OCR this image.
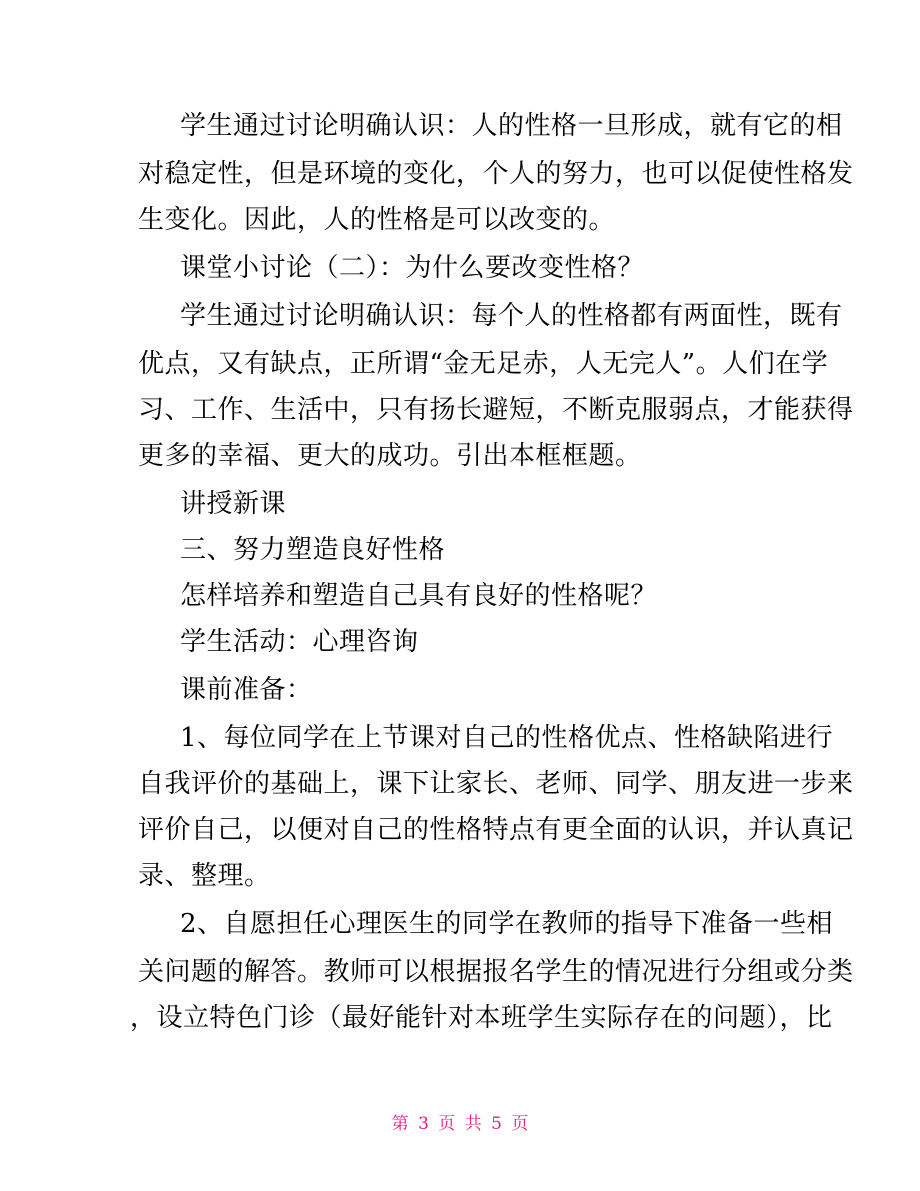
学生通过讨论明确认识：人的性格一旦形成，就有它的相
对稳定性，但是环境的变化，个人的努力，也可以促使性格发
生变化。因此，人的性格是可以改变的。
课堂小讨论（二）：为什么要改变性格？
学生通过讨论明确认识：每个人的性格都有两面性，既有
优点，又有缺点，正所谓“金无足赤，人无完人”。人们在学
习、工作、生活中，只有扬长避短，不断克服弱点，才能获得
更多的幸福、更大的成功。引出本框框题。
讲授新课
三、努力塑造良好性格
怎样培养和塑造自己具有良好的性格呢？
学生活动：心理咨询
课前准备：
1、每位同学在上节课对自己的性格优点、性格缺陷进行
自我评价的基础上，课下让家长、老师、同学、朋友进一步来
评价自己，以便对自己的性格特点有更全面的认识，并认真记
录、整理。
2、自愿担任心理医生的同学在教师的指导下准备一些相
关问题的解答。教师可以根据报名学生的情况进行分组或分类
，设立特色门诊（最好能针对本班学生实际存在的问题），比
第 3 页 共 5 页
